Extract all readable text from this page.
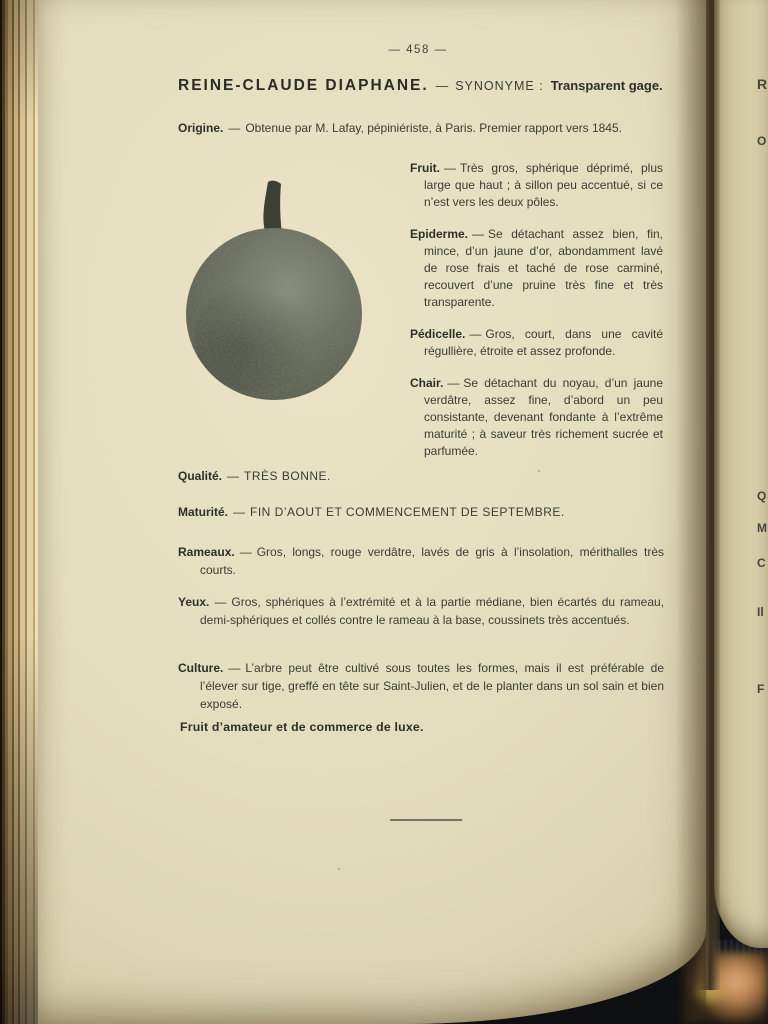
R
O
Q
M
C
Il
F
— 458 —
REINE-CLAUDE DIAPHANE. — SYNONYME : Transparent gage.
Origine. — Obtenue par M. Lafay, pépiniériste, à Paris. Premier rapport vers 1845.

Fruit. — Très gros, sphérique déprimé, plus large que haut ; à sillon peu accentué, si ce n’est vers les deux pôles.

Epiderme. — Se détachant assez bien, fin, mince, d’un jaune d’or, abondamment lavé de rose frais et taché de rose carminé, recouvert d’une pruine très fine et très transparente.

Pédicelle. — Gros, court, dans une cavité régullière, étroite et assez profonde.

Chair. — Se détachant du noyau, d’un jaune verdâtre, assez fine, d’abord un peu consistante, devenant fondante à l’extrême maturité ; à saveur très richement sucrée et parfumée.

Qualité. — TRÈS BONNE.
Maturité. — FIN D’AOUT ET COMMENCEMENT DE SEPTEMBRE.
Rameaux. — Gros, longs, rouge verdâtre, lavés de gris à l’insolation, mérithalles très courts.
Yeux. — Gros, sphériques à l’extrémité et à la partie médiane, bien écartés du rameau, demi-sphériques et collés contre le rameau à la base, coussinets très accentués.
Culture. — L’arbre peut être cultivé sous toutes les formes, mais il est préférable de l’élever sur tige, greffé en tête sur Saint-Julien, et de le planter dans un sol sain et bien exposé.
Fruit d’amateur et de commerce de luxe.
